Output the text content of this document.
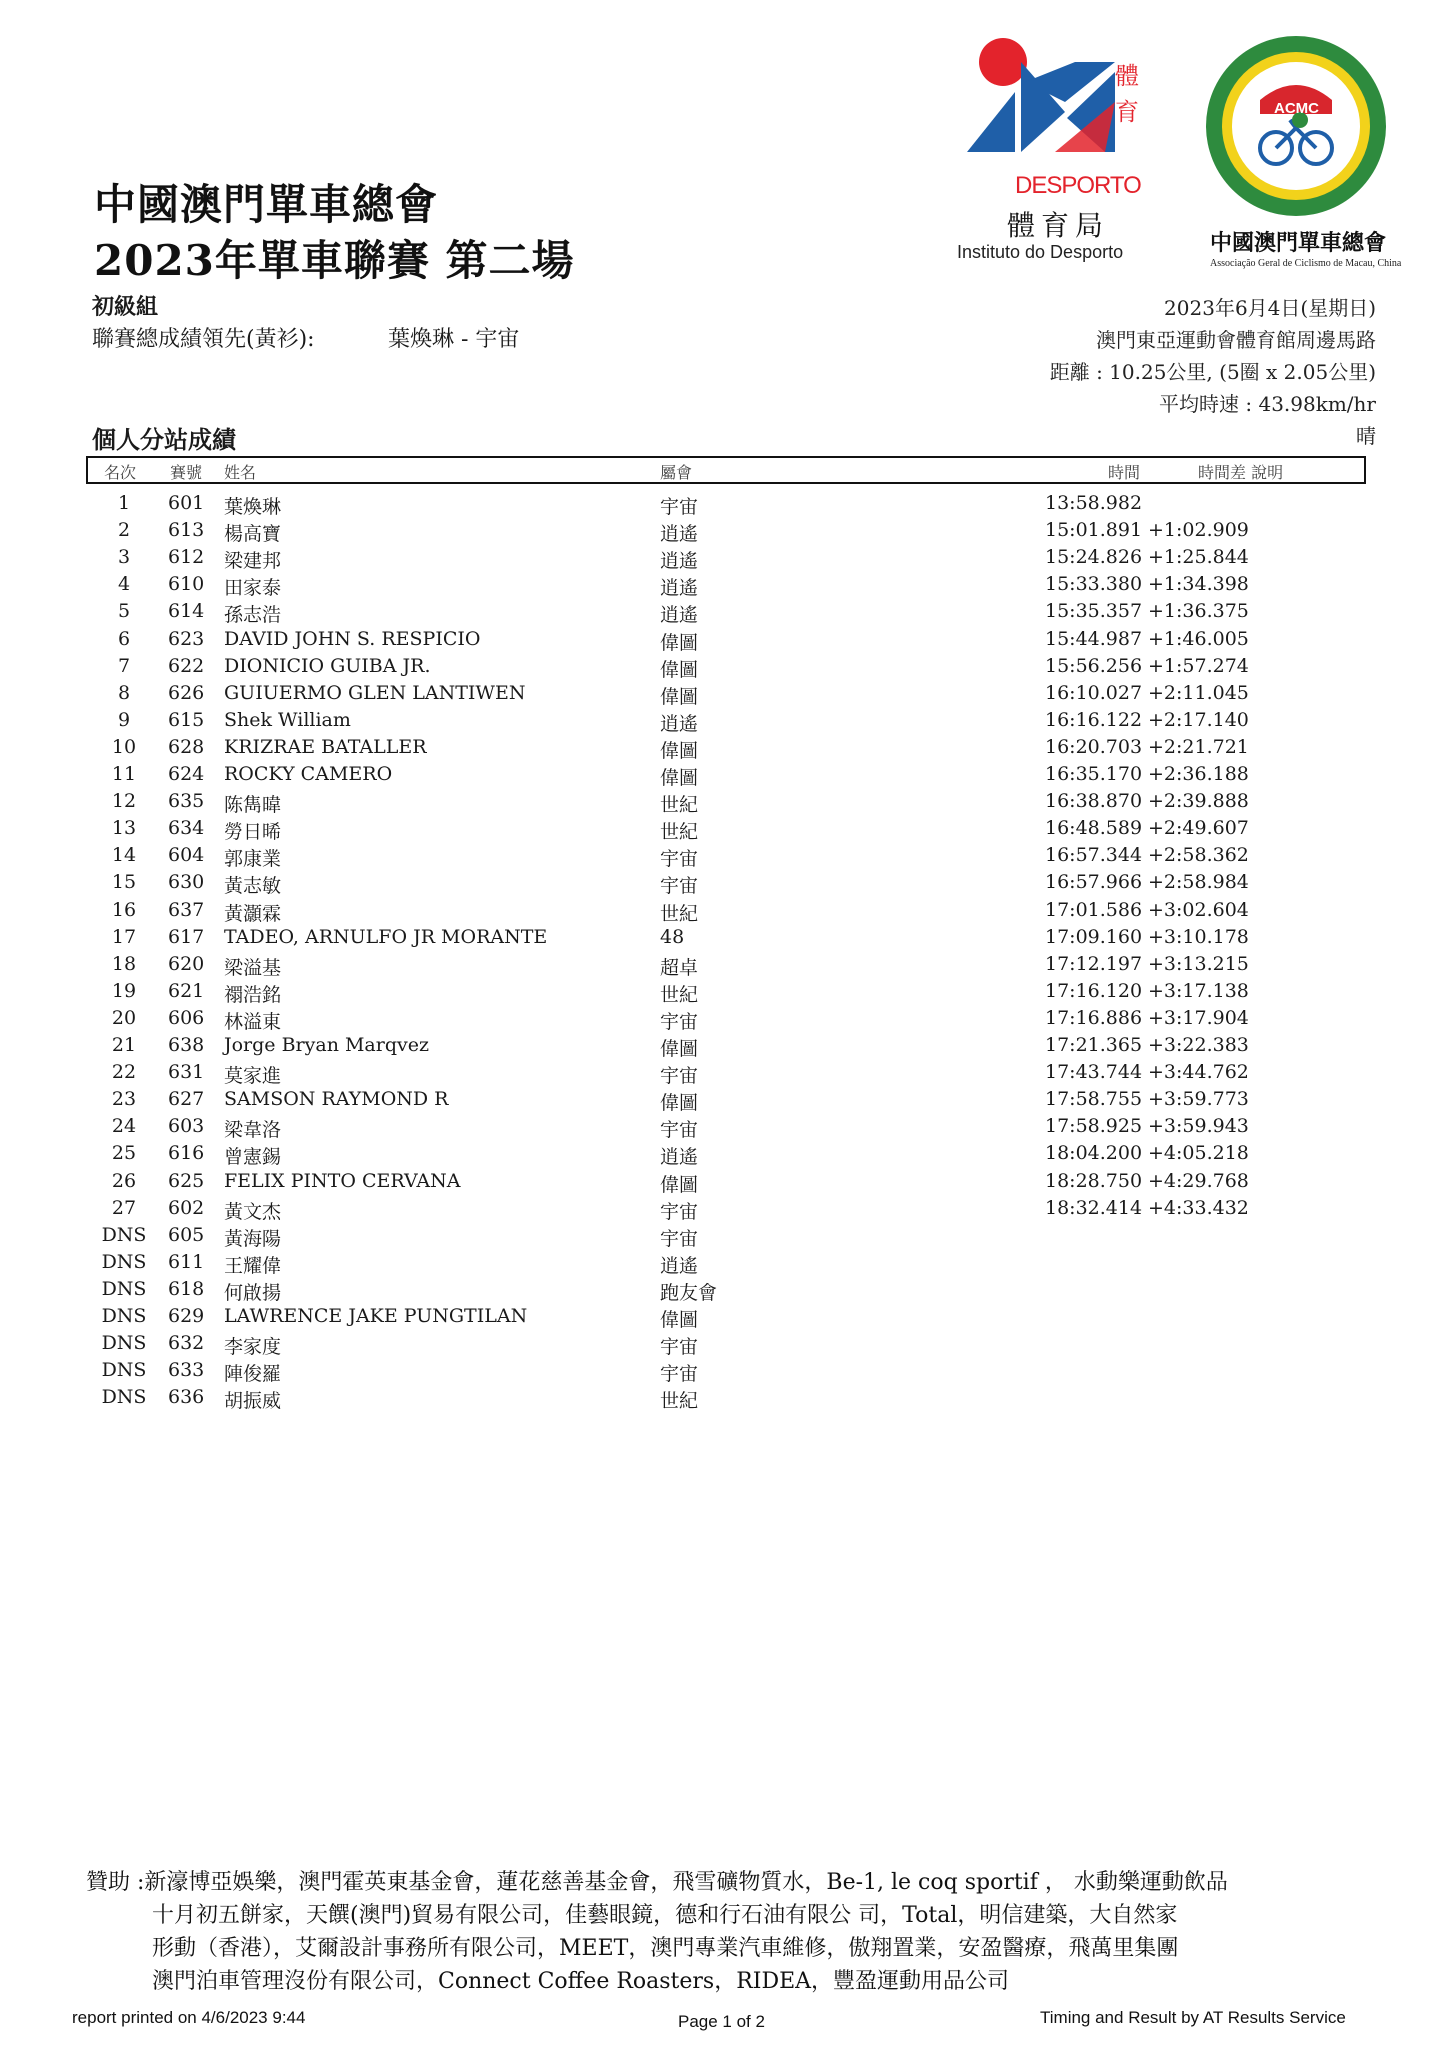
中國澳門單車總會
2023年單車聯賽 第二場
初級組
聯賽總成績領先(黃衫):	葉煥琳 - 宇宙
體
育
DESPORTO
體育局
Instituto do Desporto
ACMC
中國澳門單車總會
Associação Geral de Ciclismo de Macau, China
2023年6月4日(星期日)
澳門東亞運動會體育館周邊馬路
距離 : 10.25公里, (5圈 x 2.05公里)
平均時速 : 43.98km/hr
晴
個人分站成績
名次 賽號 姓名	屬會	時間	時間差 說明
1	601 葉煥琳	宇宙	13:58.982
2	613 楊高寶	逍遙	15:01.891 +1:02.909
3	612 梁建邦	逍遙	15:24.826 +1:25.844
4	610 田家泰	逍遙	15:33.380 +1:34.398
5	614 孫志浩	逍遙	15:35.357 +1:36.375
6	623 DAVID JOHN S. RESPICIO	偉圖	15:44.987 +1:46.005
7	622 DIONICIO GUIBA JR.	偉圖	15:56.256 +1:57.274
8	626 GUIUERMO GLEN LANTIWEN	偉圖	16:10.027 +2:11.045
9	615 Shek William	逍遙	16:16.122 +2:17.140
10	628 KRIZRAE BATALLER	偉圖	16:20.703 +2:21.721
11	624 ROCKY CAMERO	偉圖	16:35.170 +2:36.188
12	635 陈雋暐	世紀	16:38.870 +2:39.888
13	634 勞日晞	世紀	16:48.589 +2:49.607
14	604 郭康業	宇宙	16:57.344 +2:58.362
15	630 黃志敏	宇宙	16:57.966 +2:58.984
16	637 黃灝霖	世紀	17:01.586 +3:02.604
17	617 TADEO, ARNULFO JR MORANTE	48	17:09.160 +3:10.178
18	620 梁溢基	超卓	17:12.197 +3:13.215
19	621 禤浩銘	世紀	17:16.120 +3:17.138
20	606 林溢東	宇宙	17:16.886 +3:17.904
21	638 Jorge Bryan Marqvez	偉圖	17:21.365 +3:22.383
22	631 莫家進	宇宙	17:43.744 +3:44.762
23	627 SAMSON RAYMOND R	偉圖	17:58.755 +3:59.773
24	603 梁韋洛	宇宙	17:58.925 +3:59.943
25	616 曾憲錫	逍遙	18:04.200 +4:05.218
26	625 FELIX PINTO CERVANA	偉圖	18:28.750 +4:29.768
27	602 黃文杰	宇宙	18:32.414 +4:33.432
DNS 605 黃海陽	宇宙
DNS 611 王耀偉	逍遙
DNS 618 何啟揚	跑友會
DNS 629 LAWRENCE JAKE PUNGTILAN	偉圖
DNS 632 李家度	宇宙
DNS 633 陣俊羅	宇宙
DNS 636 胡振威	世紀
贊助 :新濠博亞娛樂，澳門霍英東基金會，蓮花慈善基金會，飛雪礦物質水，Be-1, le coq sportif ， 水動樂運動飲品
十月初五餅家，天饌(澳門)貿易有限公司，佳藝眼鏡，德和行石油有限公 司，Total，明信建築，大自然家
形動（香港），艾爾設計事務所有限公司，MEET，澳門專業汽車維修，傲翔置業，安盈醫療，飛萬里集團
澳門泊車管理沒份有限公司，Connect Coffee Roasters，RIDEA，豐盈運動用品公司
report printed on 4/6/2023 9:44	Page 1 of 2	Timing and Result by AT Results Service
